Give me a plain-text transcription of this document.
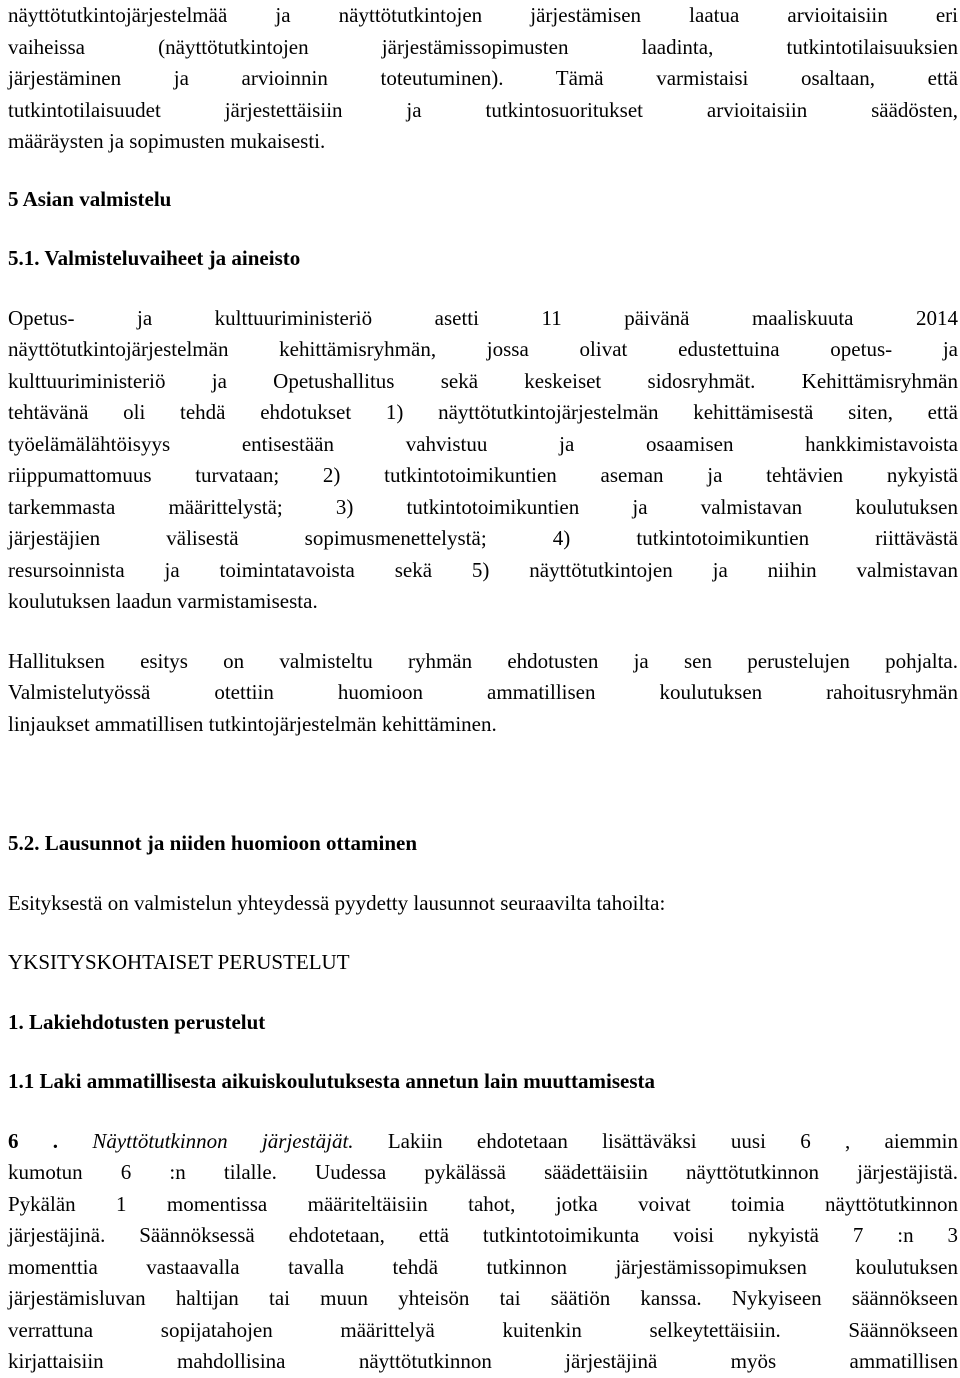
näyttötutkintojärjestelmää ja näyttötutkintojen järjestämisen laatua arvioitaisiin eri

vaiheissa (näyttötutkintojen järjestämissopimusten laadinta, tutkintotilaisuuksien

järjestäminen ja arvioinnin toteutuminen). Tämä varmistaisi osaltaan, että

tutkintotilaisuudet järjestettäisiin ja tutkintosuoritukset arvioitaisiin säädösten,

määräysten ja sopimusten mukaisesti.

5 Asian valmistelu
5.1. Valmisteluvaiheet ja aineisto

Opetus- ja kulttuuriministeriö asetti 11 päivänä maaliskuuta 2014

näyttötutkintojärjestelmän kehittämisryhmän, jossa olivat edustettuina opetus- ja

kulttuuriministeriö ja Opetushallitus sekä keskeiset sidosryhmät. Kehittämisryhmän

tehtävänä oli tehdä ehdotukset 1) näyttötutkintojärjestelmän kehittämisestä siten, että

työelämälähtöisyys entisestään vahvistuu ja osaamisen hankkimistavoista

riippumattomuus turvataan; 2) tutkintotoimikuntien aseman ja tehtävien nykyistä

tarkemmasta määrittelystä; 3) tutkintotoimikuntien ja valmistavan koulutuksen

järjestäjien välisestä sopimusmenettelystä; 4) tutkintotoimikuntien riittävästä

resursoinnista ja toimintatavoista sekä 5) näyttötutkintojen ja niihin valmistavan

koulutuksen laadun varmistamisesta.

Hallituksen esitys on valmisteltu ryhmän ehdotusten ja sen perustelujen pohjalta.

Valmistelutyössä otettiin huomioon ammatillisen koulutuksen rahoitusryhmän

linjaukset ammatillisen tutkintojärjestelmän kehittäminen.

5.2. Lausunnot ja niiden huomioon ottaminen

Esityksestä on valmistelun yhteydessä pyydetty lausunnot seuraavilta tahoilta:

YKSITYSKOHTAISET PERUSTELUT

1. Lakiehdotusten perustelut
1.1 Laki ammatillisesta aikuiskoulutuksesta annetun lain muuttamisesta

6 . Näyttötutkinnon järjestäjät. Lakiin ehdotetaan lisättäväksi uusi 6 , aiemmin

kumotun 6 :n tilalle. Uudessa pykälässä säädettäisiin näyttötutkinnon järjestäjistä.

Pykälän 1 momentissa määriteltäisiin tahot, jotka voivat toimia näyttötutkinnon

järjestäjinä. Säännöksessä ehdotetaan, että tutkintotoimikunta voisi nykyistä 7 :n 3

momenttia vastaavalla tavalla tehdä tutkinnon järjestämissopimuksen koulutuksen

järjestämisluvan haltijan tai muun yhteisön tai säätiön kanssa. Nykyiseen säännökseen

verrattuna sopijatahojen määrittelyä kuitenkin selkeytettäisiin. Säännökseen

kirjattaisiin mahdollisina näyttötutkinnon järjestäjinä myös ammatillisen
